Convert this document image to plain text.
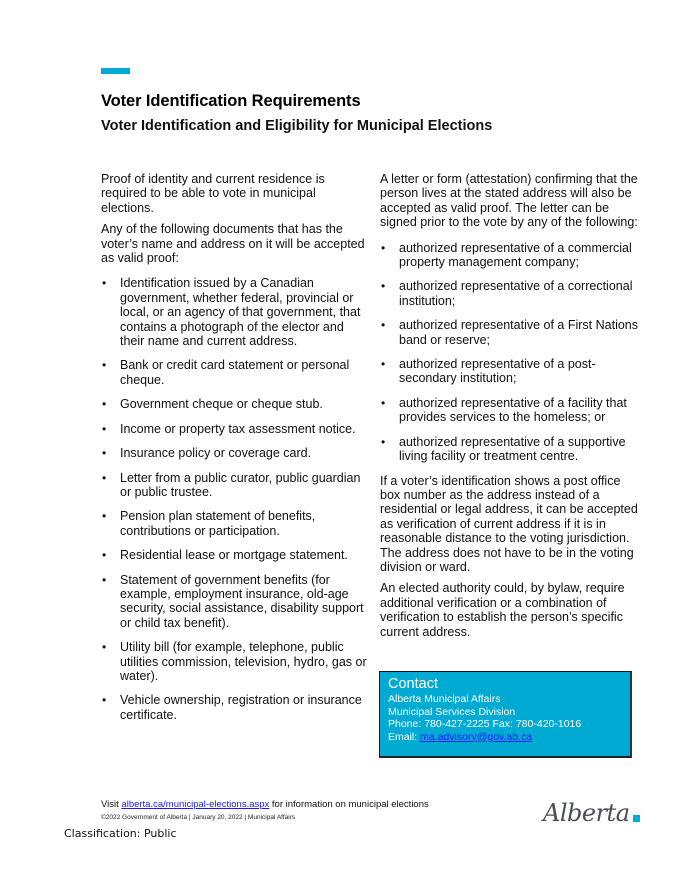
Voter Identification Requirements
Voter Identification and Eligibility for Municipal Elections

Proof of identity and current residence is required to be able to vote in municipal elections.

Any of the following documents that has the voter’s name and address on it will be accepted as valid proof:

• Identification issued by a Canadian government, whether federal, provincial or local, or an agency of that government, that contains a photograph of the elector and their name and current address.
• Bank or credit card statement or personal cheque.
• Government cheque or cheque stub.
• Income or property tax assessment notice.
• Insurance policy or coverage card.
• Letter from a public curator, public guardian or public trustee.
• Pension plan statement of benefits, contributions or participation.
• Residential lease or mortgage statement.
• Statement of government benefits (for example, employment insurance, old-age security, social assistance, disability support or child tax benefit).
• Utility bill (for example, telephone, public utilities commission, television, hydro, gas or water).
• Vehicle ownership, registration or insurance certificate.

A letter or form (attestation) confirming that the person lives at the stated address will also be accepted as valid proof. The letter can be signed prior to the vote by any of the following:

• authorized representative of a commercial property management company;
• authorized representative of a correctional institution;
• authorized representative of a First Nations band or reserve;
• authorized representative of a post-secondary institution;
• authorized representative of a facility that provides services to the homeless; or
• authorized representative of a supportive living facility or treatment centre.

If a voter’s identification shows a post office box number as the address instead of a residential or legal address, it can be accepted as verification of current address if it is in reasonable distance to the voting jurisdiction. The address does not have to be in the voting division or ward.

An elected authority could, by bylaw, require additional verification or a combination of verification to establish the person’s specific current address.

Contact
Alberta Municipal Affairs
Municipal Services Division
Phone: 780-427-2225 Fax: 780-420-1016
Email: ma.advisory@gov.ab.ca
Visit alberta.ca/municipal-elections.aspx for information on municipal elections
©2022 Government of Alberta | January 20, 2022 | Municipal Affairs
Classification: Public
Alberta
